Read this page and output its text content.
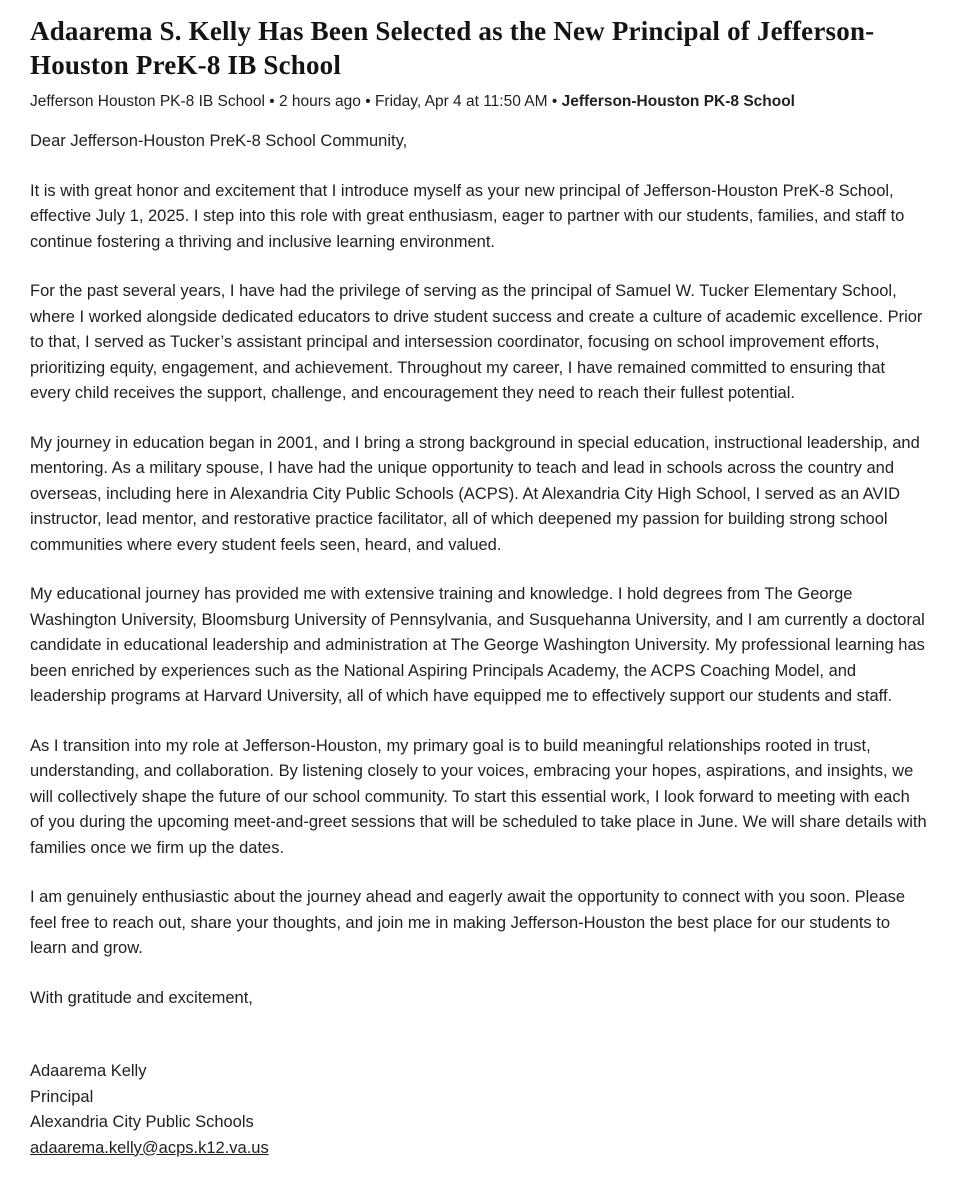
Adaarema S. Kelly Has Been Selected as the New Principal of Jefferson-Houston PreK-8 IB School

Jefferson Houston PK-8 IB School • 2 hours ago • Friday, Apr 4 at 11:50 AM • Jefferson-Houston PK-8 School

Dear Jefferson-Houston PreK-8 School Community,

It is with great honor and excitement that I introduce myself as your new principal of Jefferson-Houston PreK-8 School, effective July 1, 2025. I step into this role with great enthusiasm, eager to partner with our students, families, and staff to continue fostering a thriving and inclusive learning environment.

For the past several years, I have had the privilege of serving as the principal of Samuel W. Tucker Elementary School, where I worked alongside dedicated educators to drive student success and create a culture of academic excellence. Prior to that, I served as Tucker’s assistant principal and intersession coordinator, focusing on school improvement efforts, prioritizing equity, engagement, and achievement. Throughout my career, I have remained committed to ensuring that every child receives the support, challenge, and encouragement they need to reach their fullest potential.

My journey in education began in 2001, and I bring a strong background in special education, instructional leadership, and mentoring. As a military spouse, I have had the unique opportunity to teach and lead in schools across the country and overseas, including here in Alexandria City Public Schools (ACPS). At Alexandria City High School, I served as an AVID instructor, lead mentor, and restorative practice facilitator, all of which deepened my passion for building strong school communities where every student feels seen, heard, and valued.

My educational journey has provided me with extensive training and knowledge. I hold degrees from The George Washington University, Bloomsburg University of Pennsylvania, and Susquehanna University, and I am currently a doctoral candidate in educational leadership and administration at The George Washington University. My professional learning has been enriched by experiences such as the National Aspiring Principals Academy, the ACPS Coaching Model, and leadership programs at Harvard University, all of which have equipped me to effectively support our students and staff.

As I transition into my role at Jefferson-Houston, my primary goal is to build meaningful relationships rooted in trust, understanding, and collaboration. By listening closely to your voices, embracing your hopes, aspirations, and insights, we will collectively shape the future of our school community. To start this essential work, I look forward to meeting with each of you during the upcoming meet-and-greet sessions that will be scheduled to take place in June. We will share details with families once we firm up the dates.

I am genuinely enthusiastic about the journey ahead and eagerly await the opportunity to connect with you soon. Please feel free to reach out, share your thoughts, and join me in making Jefferson-Houston the best place for our students to learn and grow.

With gratitude and excitement,

Adaarema Kelly
Principal
Alexandria City Public Schools
adaarema.kelly@acps.k12.va.us
